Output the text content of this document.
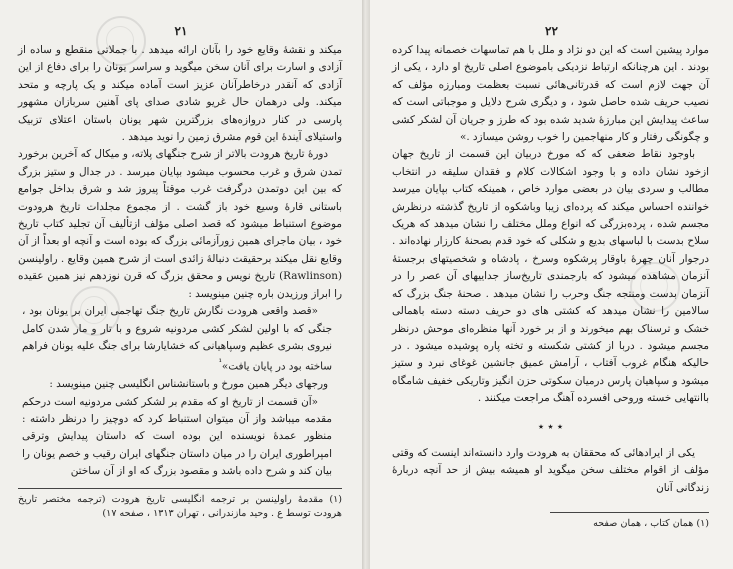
۲۱

میکند و نقشهٔ وقایع خود را بآنان ارائه میدهد . با جملاتی منقطع و ساده از آزادی و اسارت برای آنان سخن میگوید و سراسر یونان را برای دفاع از این آزادی که آنقدر درخاطرآنان عزیز است آماده میکند و یک پارچه و متحد میکند. ولی درهمان حال غریو شادی صدای پای آهنین سربازان مشهور پارسی در کنار دروازه‌های بزرگترین شهر یونان باستان اعتلای تزبیک واستیلای آیندهٔ این قوم مشرق زمین را نوید میدهد .

دورهٔ تاریخ هرودت بالاتر از شرح جنگهای پلاته، و میکال که آخرین برخورد تمدن شرق و غرب محسوب میشود بپایان میرسد . در جدال و ستیز بزرگ که بین این دوتمدن درگرفت غرب موقتاً پیروز شد و شرق بداخل جوامع باستانی قارهٔ وسیع خود باز گشت . از مجموع مجلدات تاریخ هرودوت موضوع استنباط میشود که قصد اصلی مؤلف ازتألیف آن تجلید کتاب تاریخ خود ، بیان ماجرای همین زورآزمائی بزرگ که بوده است و آنچه او بعداً از آن وقایع نقل میکند برحقیقت دنبالهٔ زائدی است از شرح همین وقایع . راولینسن (Rawlinson) تاریخ نویس و محقق بزرگ که قرن نوزدهم نیز همین عقیده را ابراز ورزیدن باره چنین مینویسد :

«قصد واقعی هرودت نگارش تاریخ جنگ تهاجمی ایران بر یونان بود ، جنگی که با اولین لشکر کشی مردونیه شروع و با تار و مار شدن کامل نیروی بشری عظیم وسپاهیانی که خشایارشا برای جنگ علیه یونان فراهم ساخته بود در پایان یافت»$^{^1}$

ورجهای دیگر همین مورخ و باستانشناس انگلیسی چنین مینویسد :

«آن قسمت از تاریخ او که مقدم بر لشکر کشی مردونیه است درحکم مقدمه میباشد واز آن میتوان استنباط کرد که دوچیز را درنظر داشته : منظور عمدهٔ نویسنده این بوده است که داستان پیدایش وترقی امپراطوری ایران را در میان داستان جنگهای ایران رقیب و خصم یونان را بیان کند و شرح داده باشد و مقصود بزرگ که او از آن ساختن

(۱) مقدمهٔ راولینسن بر ترجمه انگلیسی تاریخ هرودت (ترجمه مختصر تاریخ هرودت توسط ع . وحید مازندرانی ، تهران ۱۳۱۳ ، صفحه ۱۷)
۲۲

موارد پیشین است که این دو نژاد و ملل با هم تماسهات خصمانه پیدا کرده بودند . این هرچنانکه ارتباط نزدیکی باموضوع اصلی تاریخ او دارد ، یکی از آن جهت لازم است که قدرتانی‌هائی نسبت بعظمت ومبارزه مؤلف که نصیب حریف شده حاصل شود ، و دیگری شرح دلایل و موجباتی است که ساعث پیدایش این مبارزهٔ شدید شده بود که طرز و جریان آن لشکر کشی و چگونگی رفتار و کار منهاجمین را خوب روشن میسازد .»

باوجود نقاط ضعفی که که مورخ دربیان این قسمت از تاریخ جهان ازخود نشان داده و با وجود اشکالات کلام و فقدان سلیقه در انتخاب مطالب و سردی بیان در بعضی موارد خاص ، همینکه کتاب بپایان میرسد خواننده احساس میکند که پرده‌ای زیبا وباشکوه از تاریخ گذشته درنظرش مجسم شده ، پرده‌بزرگی که انواع وملل مختلف را نشان میدهد که هریک سلاح بدست با لباسهای بدیع و شکلی که خود قدم بصحنهٔ کارزار نهاده‌اند . درجوار آنان چهرهٔ باوقار پرشکوه وسرخ ، پادشاه و شخصیتهای برجستهٔ آنزمان مشاهده میشود که بارجمندی تاریخ‌ساز جداییهای آن عصر را در آنزمان بدست ومنتجه جنگ وحرب را نشان میدهد . صحنهٔ جنگ بزرگ که سالامین را نشان میدهد که کشتی های دو حریف دسته دسته باهمالی خشک و ترسناک بهم میخورند و از بر خورد آنها منظره‌ای موحش درنظر مجسم میشود . دربا از کشتی شکسته و تخته پاره پوشیده میشود . در حالیکه هنگام غروب آفتاب ، آرامش عمیق جانشین غوغای نبرد و ستیز میشود و سپاهیان پارس درمیان سکوتی حزن انگیز وتاریکی خفیف شامگاه باانتهایی خسته وروحی افسرده آهنگ مراجعت میکنند .

٭ ٭ ٭

یکی از ایرادهائی که محققان به هرودت وارد دانسته‌اند اینست که وقتی مؤلف از اقوام مختلف سخن میگوید او همیشه بیش از حد آنچه دربارهٔ زندگانی آنان

(۱) همان کتاب ، همان صفحه
